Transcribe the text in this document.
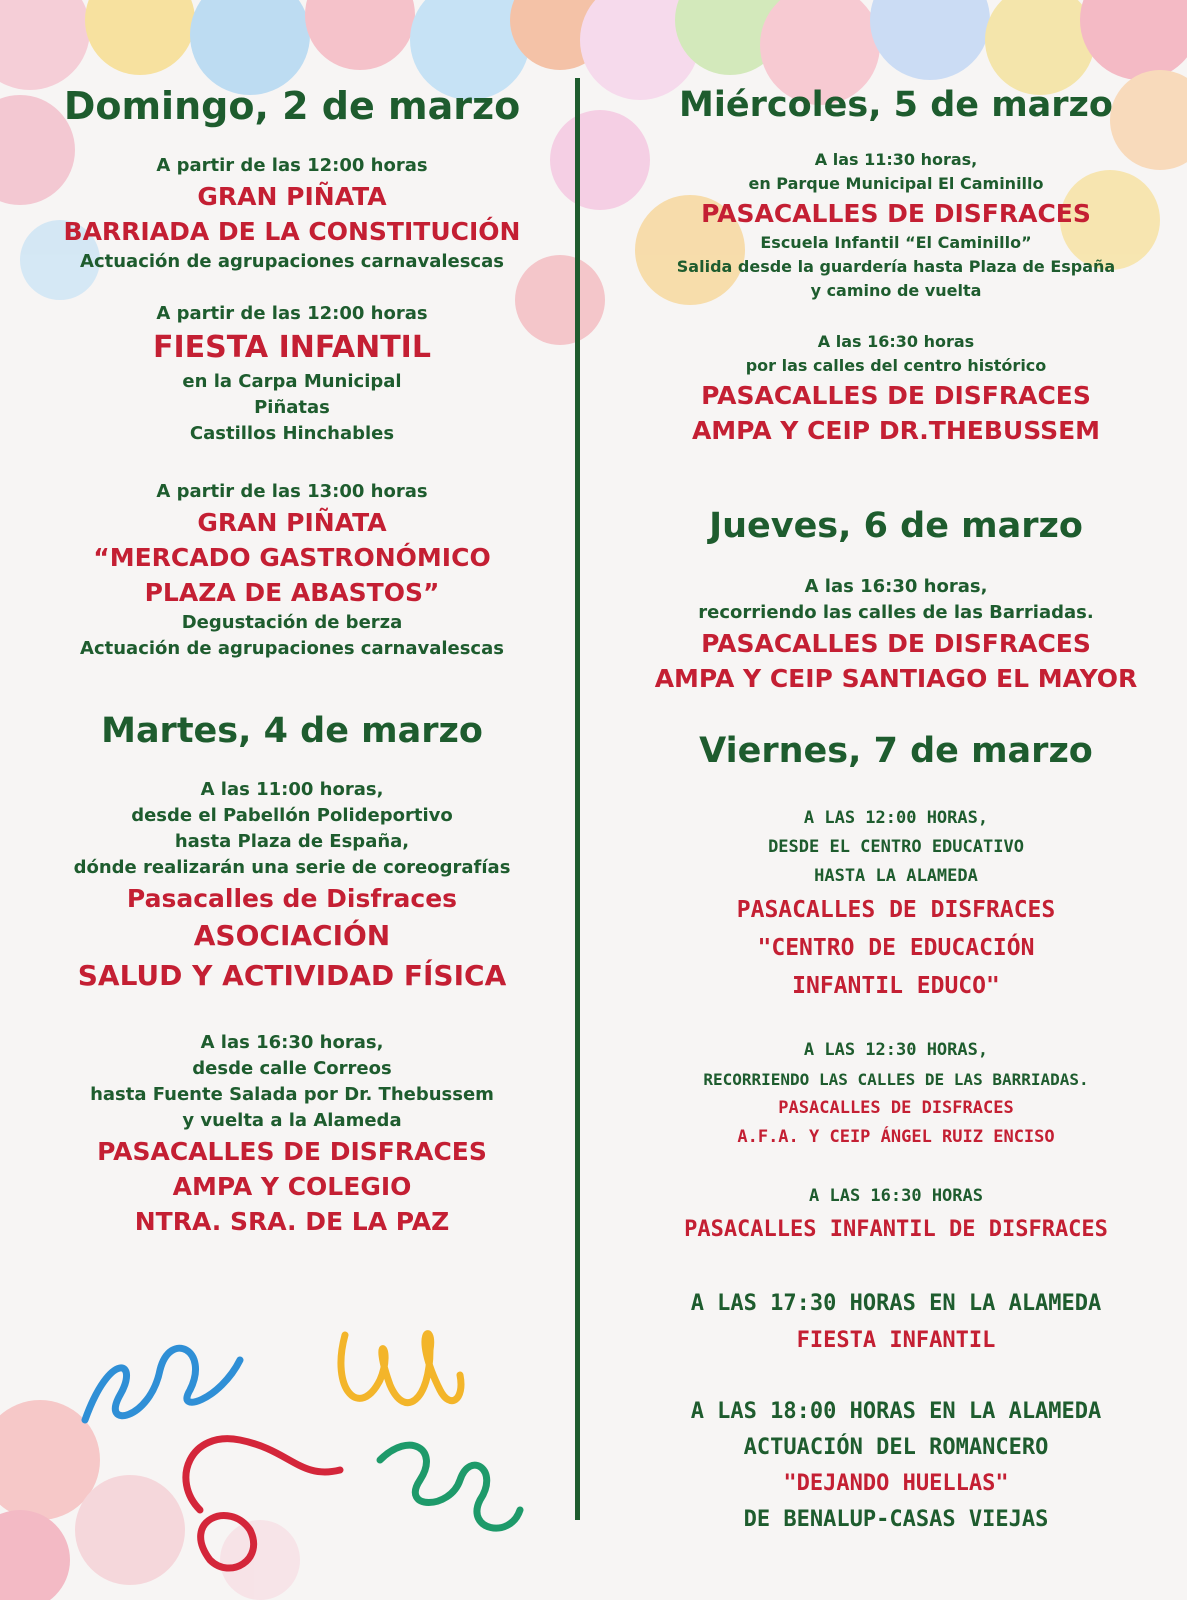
Domingo, 2 de marzo
A partir de las 12:00 horas
GRAN PIÑATA
BARRIADA DE LA CONSTITUCIÓN
Actuación de agrupaciones carnavalescas
A partir de las 12:00 horas
FIESTA INFANTIL
en la Carpa Municipal
Piñatas
Castillos Hinchables
A partir de las 13:00 horas
GRAN PIÑATA
“MERCADO GASTRONÓMICO
PLAZA DE ABASTOS”
Degustación de berza
Actuación de agrupaciones carnavalescas
Martes, 4 de marzo
A las 11:00 horas,
desde el Pabellón Polideportivo
hasta Plaza de España,
dónde realizarán una serie de coreografías
Pasacalles de Disfraces
ASOCIACIÓN
SALUD Y ACTIVIDAD FÍSICA
A las 16:30 horas,
desde calle Correos
hasta Fuente Salada por Dr. Thebussem
y vuelta a la Alameda
PASACALLES DE DISFRACES
AMPA Y COLEGIO
NTRA. SRA. DE LA PAZ
Miércoles, 5 de marzo
A las 11:30 horas,
en Parque Municipal El Caminillo
PASACALLES DE DISFRACES
Escuela Infantil “El Caminillo”
Salida desde la guardería hasta Plaza de España
y camino de vuelta
A las 16:30 horas
por las calles del centro histórico
PASACALLES DE DISFRACES
AMPA Y CEIP DR.THEBUSSEM
Jueves, 6 de marzo
A las 16:30 horas,
recorriendo las calles de las Barriadas.
PASACALLES DE DISFRACES
AMPA Y CEIP SANTIAGO EL MAYOR
Viernes, 7 de marzo
A LAS 12:00 HORAS,
DESDE EL CENTRO EDUCATIVO
HASTA LA ALAMEDA
PASACALLES DE DISFRACES
"CENTRO DE EDUCACIÓN
INFANTIL EDUCO"
A LAS 12:30 HORAS,
RECORRIENDO LAS CALLES DE LAS BARRIADAS.
PASACALLES DE DISFRACES
A.F.A. Y CEIP ÁNGEL RUIZ ENCISO
A LAS 16:30 HORAS
PASACALLES INFANTIL DE DISFRACES
A LAS 17:30 HORAS EN LA ALAMEDA
FIESTA INFANTIL
A LAS 18:00 HORAS EN LA ALAMEDA
ACTUACIÓN DEL ROMANCERO
"DEJANDO HUELLAS"
DE BENALUP-CASAS VIEJAS
